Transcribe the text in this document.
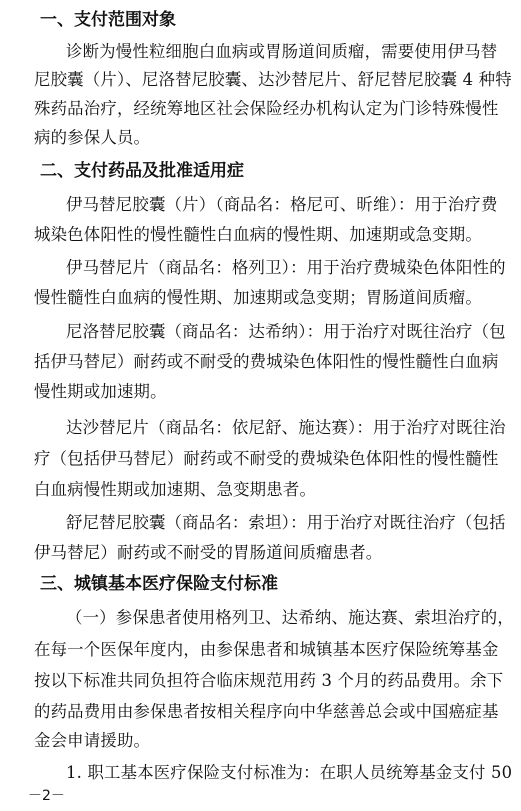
一、支付范围对象
诊断为慢性粒细胞白血病或胃肠道间质瘤，需要使用伊马替
尼胶囊（片）、尼洛替尼胶囊、达沙替尼片、舒尼替尼胶囊 4 种特
殊药品治疗，经统筹地区社会保险经办机构认定为门诊特殊慢性
病的参保人员。
二、支付药品及批准适用症
伊马替尼胶囊（片）（商品名：格尼可、昕维）：用于治疗费
城染色体阳性的慢性髓性白血病的慢性期、加速期或急变期。
伊马替尼片（商品名：格列卫）：用于治疗费城染色体阳性的
慢性髓性白血病的慢性期、加速期或急变期；胃肠道间质瘤。
尼洛替尼胶囊（商品名：达希纳）：用于治疗对既往治疗（包
括伊马替尼）耐药或不耐受的费城染色体阳性的慢性髓性白血病
慢性期或加速期。
达沙替尼片（商品名：依尼舒、施达赛）：用于治疗对既往治
疗（包括伊马替尼）耐药或不耐受的费城染色体阳性的慢性髓性
白血病慢性期或加速期、急变期患者。
舒尼替尼胶囊（商品名：索坦）：用于治疗对既往治疗（包括
伊马替尼）耐药或不耐受的胃肠道间质瘤患者。
三、城镇基本医疗保险支付标准
（一）参保患者使用格列卫、达希纳、施达赛、索坦治疗的，
在每一个医保年度内，由参保患者和城镇基本医疗保险统筹基金
按以下标准共同负担符合临床规范用药 3 个月的药品费用。余下
的药品费用由参保患者按相关程序向中华慈善总会或中国癌症基
金会申请援助。
1. 职工基本医疗保险支付标准为：在职人员统筹基金支付 50
－2－
